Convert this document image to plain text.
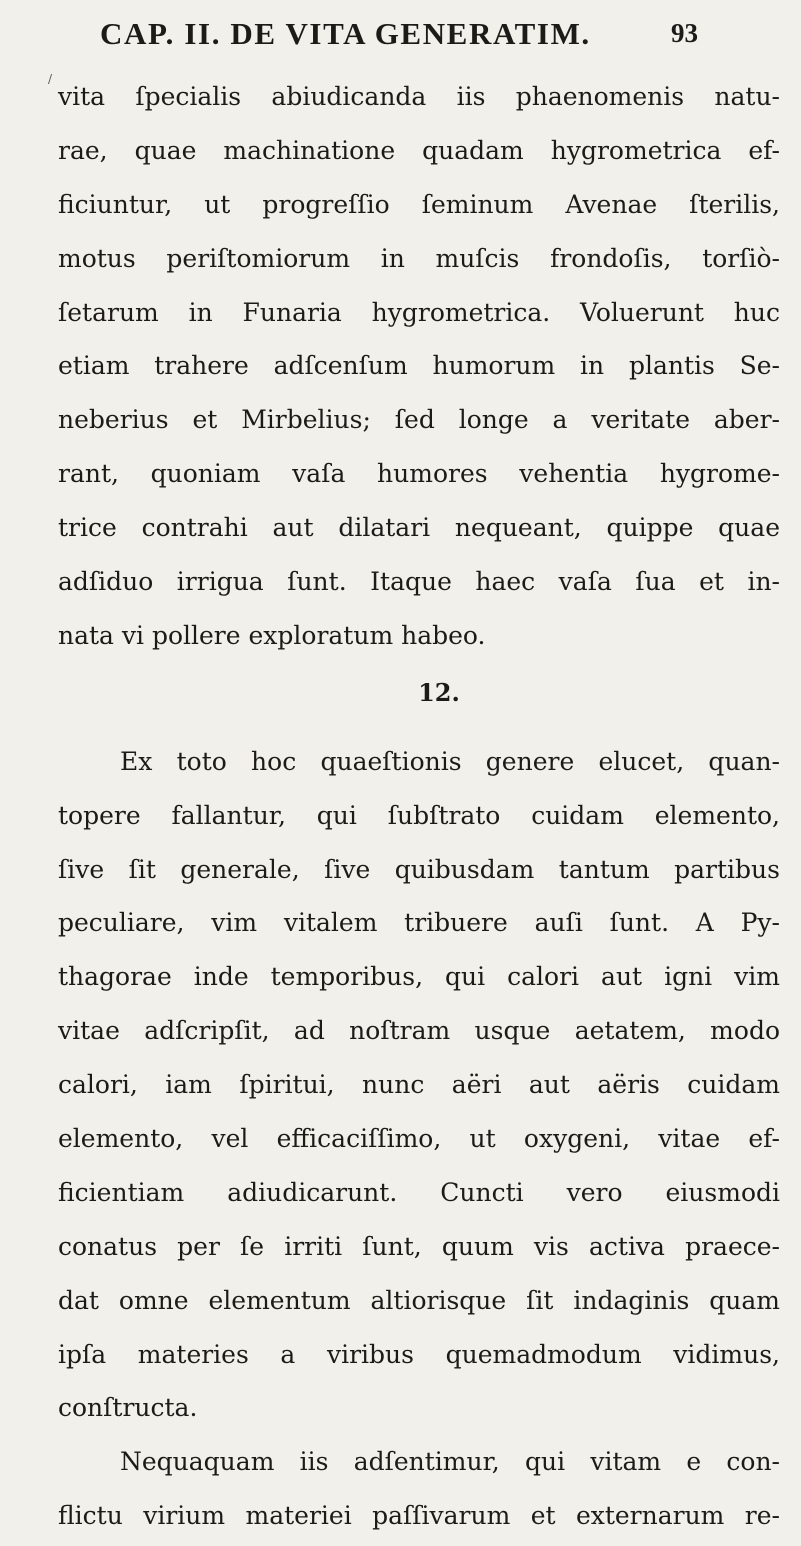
/
CAP. II. DE VITA GENERATIM.	93
vita ſpecialis abiudicanda iis phaenomenis natu-
rae, quae machinatione quadam hygrometrica ef-
ficiuntur, ut progreſſio ſeminum Avenae ſterilis,
motus periſtomiorum in muſcis frondoſis, torſiò-
ſetarum in Funaria hygrometrica. Voluerunt huc
etiam trahere adſcenſum humorum in plantis Se-
neberius et Mirbelius; ſed longe a veritate aber-
rant, quoniam vaſa humores vehentia hygrome-
trice contrahi aut dilatari nequeant, quippe quae
adſiduo irrigua ſunt. Itaque haec vaſa ſua et in-
nata vi pollere exploratum habeo.
12.
Ex toto hoc quaeſtionis genere elucet, quan-
topere fallantur, qui ſubſtrato cuidam elemento,
ſive ſit generale, ſive quibusdam tantum partibus
peculiare, vim vitalem tribuere auſi ſunt. A Py-
thagorae inde temporibus, qui calori aut igni vim
vitae adſcripſit, ad noſtram usque aetatem, modo
calori, iam ſpiritui, nunc aëri aut aëris cuidam
elemento, vel efficaciſſimo, ut oxygeni, vitae ef-
ficientiam adiudicarunt. Cuncti vero eiusmodi
conatus per ſe irriti ſunt, quum vis activa praece-
dat omne elementum altiorisque ſit indaginis quam
ipſa materies a viribus quemadmodum vidimus,
conſtructa.
Nequaquam iis adſentimur, qui vitam e con-
flictu virium materiei paſſivarum et externarum re-
